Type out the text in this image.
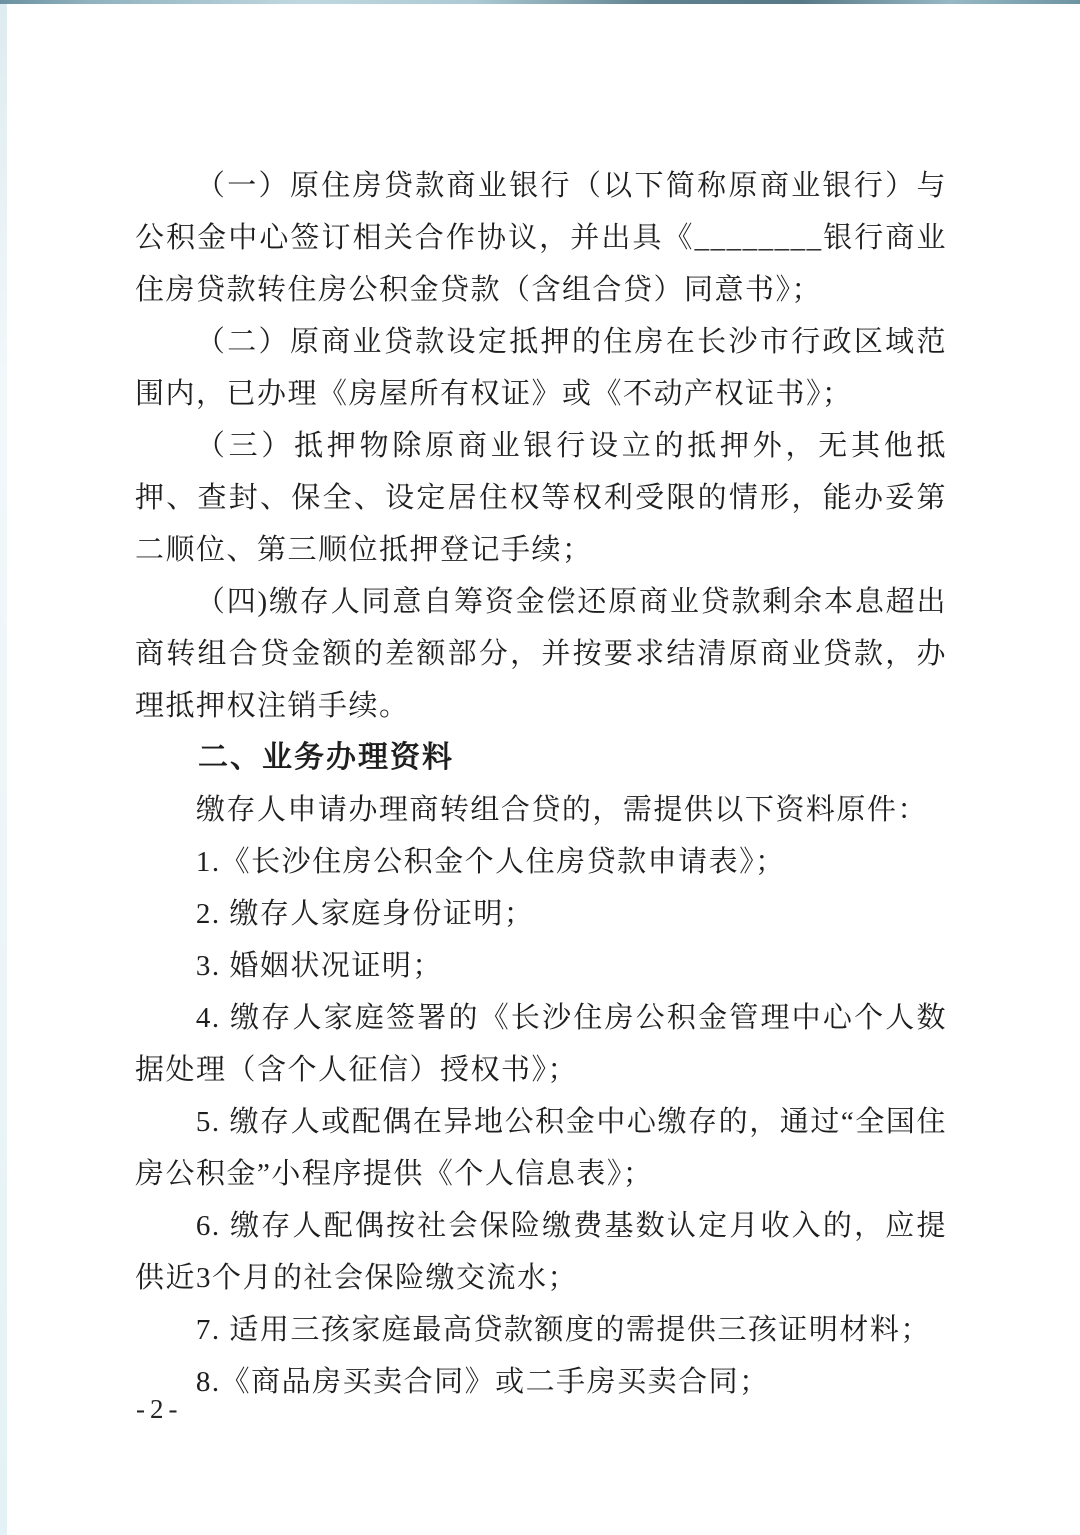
（一）原住房贷款商业银行（以下简称原商业银行）与公积金中心签订相关合作协议，并出具《________银行商业住房贷款转住房公积金贷款（含组合贷）同意书》；

（二）原商业贷款设定抵押的住房在长沙市行政区域范围内，已办理《房屋所有权证》或《不动产权证书》；

（三）抵押物除原商业银行设立的抵押外，无其他抵押、查封、保全、设定居住权等权利受限的情形，能办妥第二顺位、第三顺位抵押登记手续；

（四)缴存人同意自筹资金偿还原商业贷款剩余本息超出商转组合贷金额的差额部分，并按要求结清原商业贷款，办理抵押权注销手续。

二、业务办理资料

缴存人申请办理商转组合贷的，需提供以下资料原件：

1.《长沙住房公积金个人住房贷款申请表》；

2. 缴存人家庭身份证明；

3. 婚姻状况证明；

4. 缴存人家庭签署的《长沙住房公积金管理中心个人数据处理（含个人征信）授权书》；

5. 缴存人或配偶在异地公积金中心缴存的，通过“全国住房公积金”小程序提供《个人信息表》；

6. 缴存人配偶按社会保险缴费基数认定月收入的，应提供近3个月的社会保险缴交流水；

7. 适用三孩家庭最高贷款额度的需提供三孩证明材料；

8.《商品房买卖合同》或二手房买卖合同；

-2-
